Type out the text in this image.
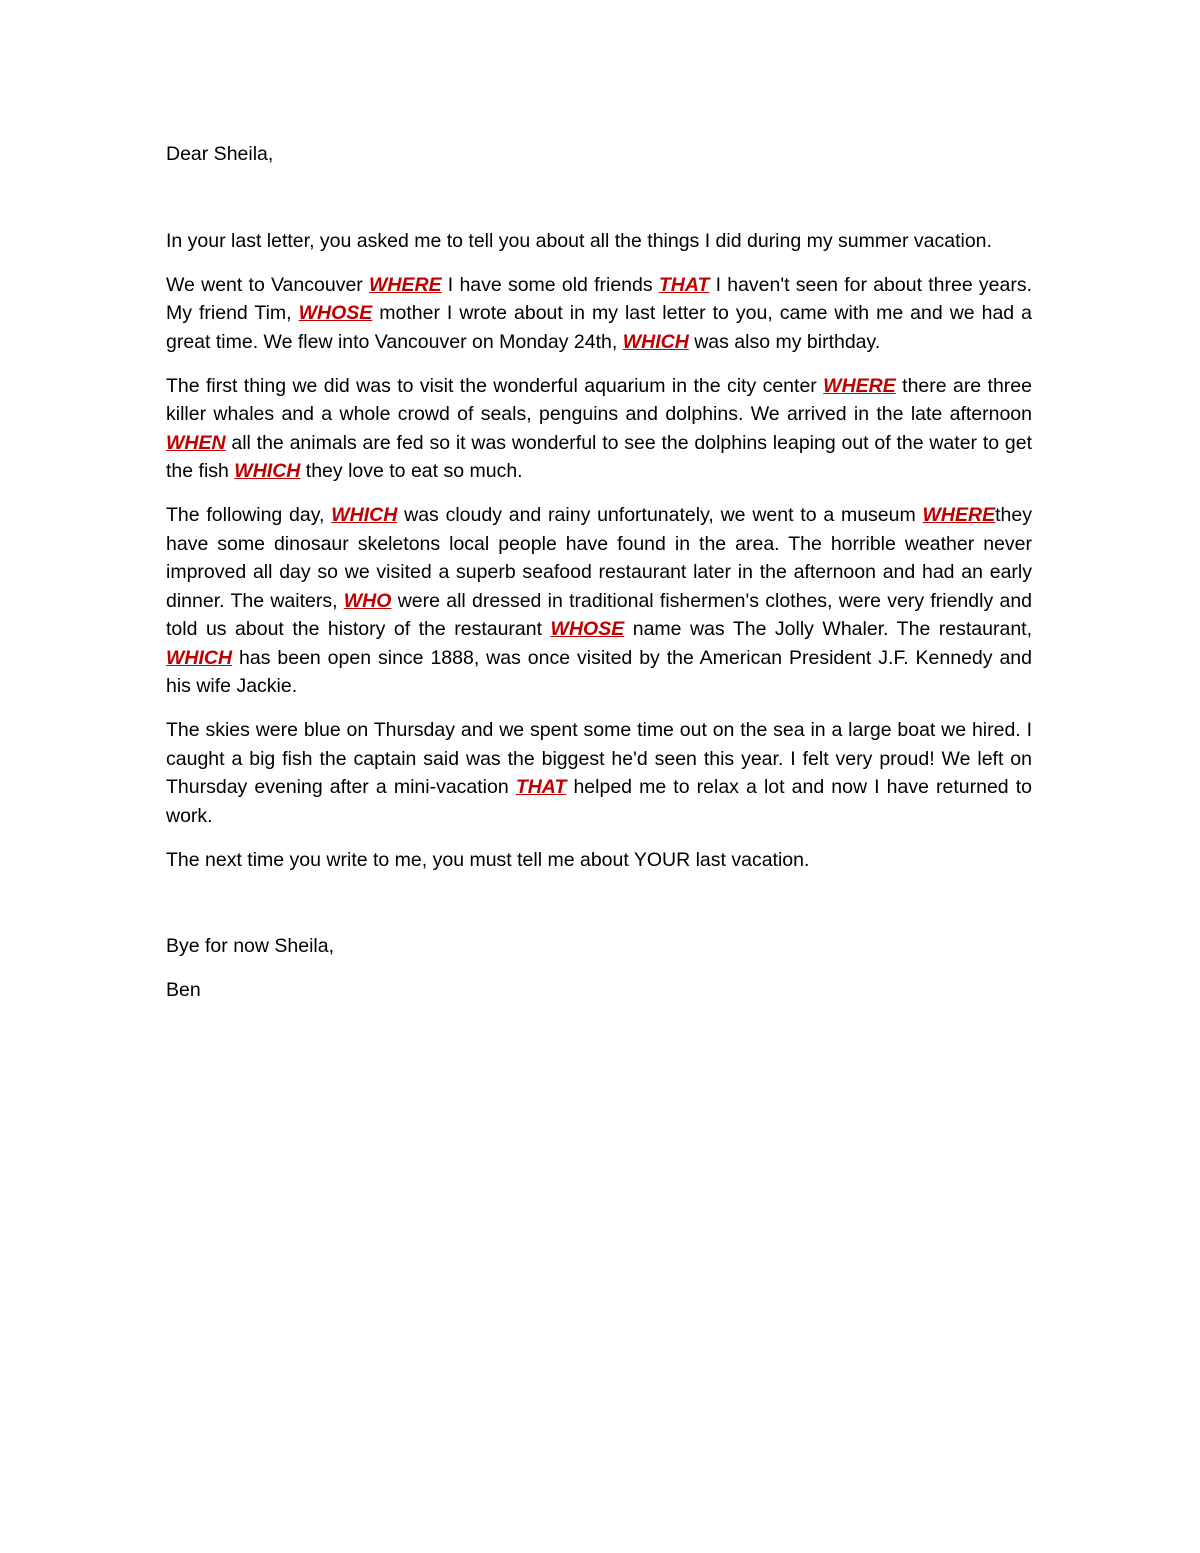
Dear Sheila,

In your last letter, you asked me to tell you about all the things I did during my summer vacation.

We went to Vancouver WHERE I have some old friends THAT I haven't seen for about three years. My friend Tim, WHOSE mother I wrote about in my last letter to you, came with me and we had a great time. We flew into Vancouver on Monday 24th, WHICH was also my birthday.

The first thing we did was to visit the wonderful aquarium in the city center WHERE there are three killer whales and a whole crowd of seals, penguins and dolphins. We arrived in the late afternoon WHEN all the animals are fed so it was wonderful to see the dolphins leaping out of the water to get the fish WHICH they love to eat so much.

The following day, WHICH was cloudy and rainy unfortunately, we went to a museum WHEREthey have some dinosaur skeletons local people have found in the area. The horrible weather never improved all day so we visited a superb seafood restaurant later in the afternoon and had an early dinner. The waiters, WHO were all dressed in traditional fishermen's clothes, were very friendly and told us about the history of the restaurant WHOSE name was The Jolly Whaler. The restaurant, WHICH has been open since 1888, was once visited by the American President J.F. Kennedy and his wife Jackie.

The skies were blue on Thursday and we spent some time out on the sea in a large boat we hired. I caught a big fish the captain said was the biggest he'd seen this year. I felt very proud! We left on Thursday evening after a mini-vacation THAT helped me to relax a lot and now I have returned to work.

The next time you write to me, you must tell me about YOUR last vacation.

Bye for now Sheila,

Ben
